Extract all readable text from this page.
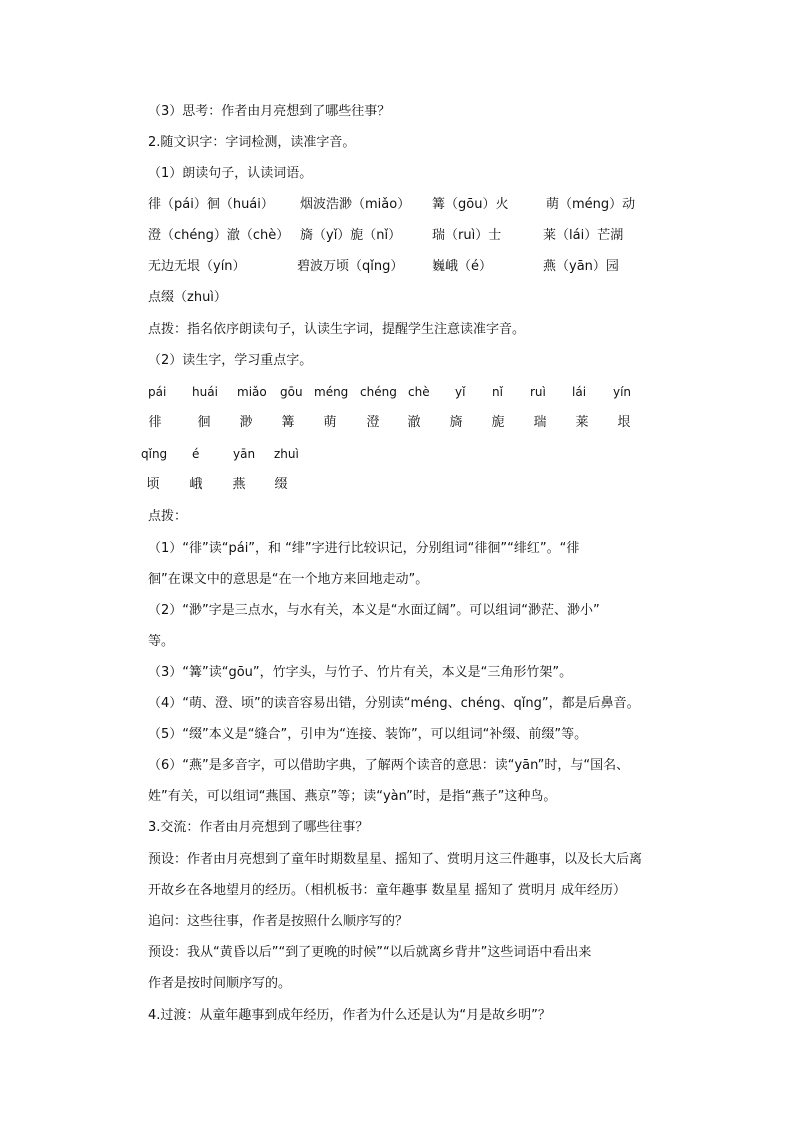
（3）思考：作者由月亮想到了哪些往事？
2.随文识字：字词检测，读准字音。
（1）朗读句子，认读词语。
徘（pái）徊（huái） 烟波浩渺（miǎo） 篝（gōu）火	萌（méng）动
澄（chéng）澈（chè） 旖（yǐ）旎（nǐ） 瑞（ruì）士	莱（lái）芒湖
无边无垠（yín）	碧波万顷（qǐng） 巍峨（é）	燕（yān）园
点缀（zhuì）
点拨：指名依序朗读句子，认读生字词，提醒学生注意读准字音。
（2）读生字，学习重点字。
pái huái miǎo gōu méng chéng chè yǐ nǐ ruì lái yín
徘	徊	渺	篝	萌	澄	澈	旖	旎	瑞	莱	垠
qǐng é	yān zhuì
顷	峨	燕	缀
点拨：
（1）“徘”读“pái”，和 “绯”字进行比较识记，分别组词“徘徊”“绯红”。“徘
徊”在课文中的意思是“在一个地方来回地走动”。
（2）“渺”字是三点水，与水有关，本义是“水面辽阔”。可以组词“渺茫、渺小”
等。
（3）“篝”读“gōu”，竹字头，与竹子、竹片有关，本义是“三角形竹架”。
（4）“萌、澄、顷”的读音容易出错，分别读“méng、chéng、qǐng”，都是后鼻音。
（5）“缀”本义是“缝合”，引申为“连接、装饰”，可以组词“补缀、前缀”等。
（6）“燕”是多音字，可以借助字典，了解两个读音的意思：读“yān”时，与“国名、
姓”有关，可以组词“燕国、燕京”等；读“yàn”时，是指“燕子”这种鸟。
3.交流：作者由月亮想到了哪些往事？
预设：作者由月亮想到了童年时期数星星、摇知了、赏明月这三件趣事，以及长大后离
开故乡在各地望月的经历。（相机板书：童年趣事 数星星 摇知了 赏明月 成年经历）
追问：这些往事，作者是按照什么顺序写的？
预设：我从“黄昏以后”“到了更晚的时候”“以后就离乡背井”这些词语中看出来
作者是按时间顺序写的。
4.过渡：从童年趣事到成年经历，作者为什么还是认为“月是故乡明”？
